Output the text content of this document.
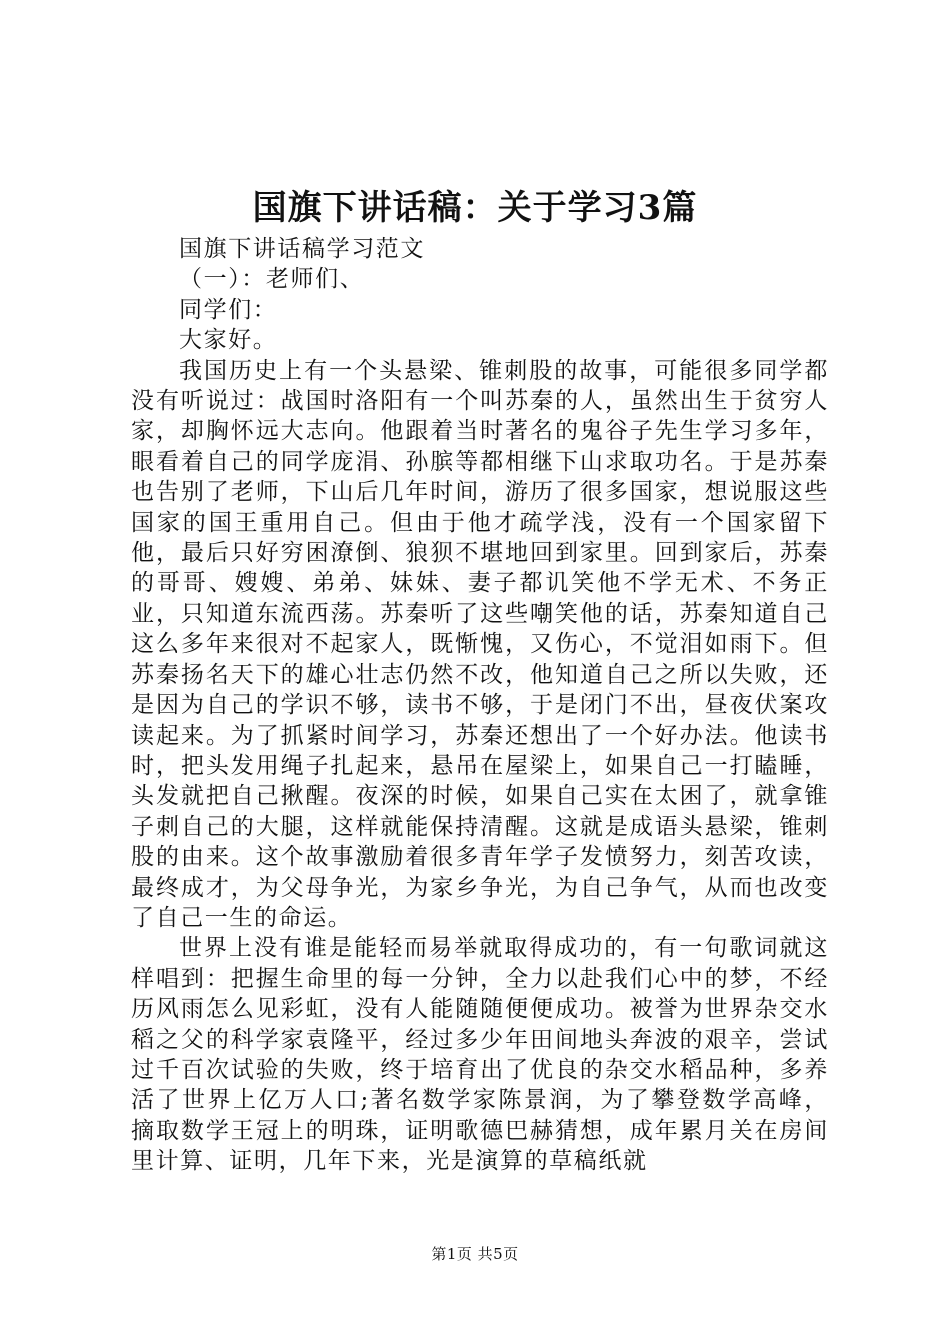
国旗下讲话稿：关于学习3篇
国旗下讲话稿学习范文
（一）：老师们、
同学们：
大家好。

我国历史上有一个头悬梁、锥刺股的故事，可能很多同学都没有听说过：战国时洛阳有一个叫苏秦的人，虽然出生于贫穷人家，却胸怀远大志向。他跟着当时著名的鬼谷子先生学习多年，眼看着自己的同学庞涓、孙膑等都相继下山求取功名。于是苏秦也告别了老师，下山后几年时间，游历了很多国家，想说服这些国家的国王重用自己。但由于他才疏学浅，没有一个国家留下他，最后只好穷困潦倒、狼狈不堪地回到家里。回到家后，苏秦的哥哥、嫂嫂、弟弟、妹妹、妻子都讥笑他不学无术、不务正业，只知道东流西荡。苏秦听了这些嘲笑他的话，苏秦知道自己这么多年来很对不起家人，既惭愧，又伤心，不觉泪如雨下。但苏秦扬名天下的雄心壮志仍然不改，他知道自己之所以失败，还是因为自己的学识不够，读书不够，于是闭门不出，昼夜伏案攻读起来。为了抓紧时间学习，苏秦还想出了一个好办法。他读书时，把头发用绳子扎起来，悬吊在屋梁上，如果自己一打瞌睡，头发就把自己揪醒。夜深的时候，如果自己实在太困了，就拿锥子刺自己的大腿，这样就能保持清醒。这就是成语头悬梁，锥刺股的由来。这个故事激励着很多青年学子发愤努力，刻苦攻读，最终成才，为父母争光，为家乡争光，为自己争气，从而也改变了自己一生的命运。

世界上没有谁是能轻而易举就取得成功的，有一句歌词就这样唱到：把握生命里的每一分钟，全力以赴我们心中的梦，不经历风雨怎么见彩虹，没有人能随随便便成功。被誉为世界杂交水稻之父的科学家袁隆平，经过多少年田间地头奔波的艰辛，尝试过千百次试验的失败，终于培育出了优良的杂交水稻品种，多养活了世界上亿万人口;著名数学家陈景润，为了攀登数学高峰，摘取数学王冠上的明珠，证明歌德巴赫猜想，成年累月关在房间里计算、证明，几年下来，光是演算的草稿纸就

第1页 共5页
